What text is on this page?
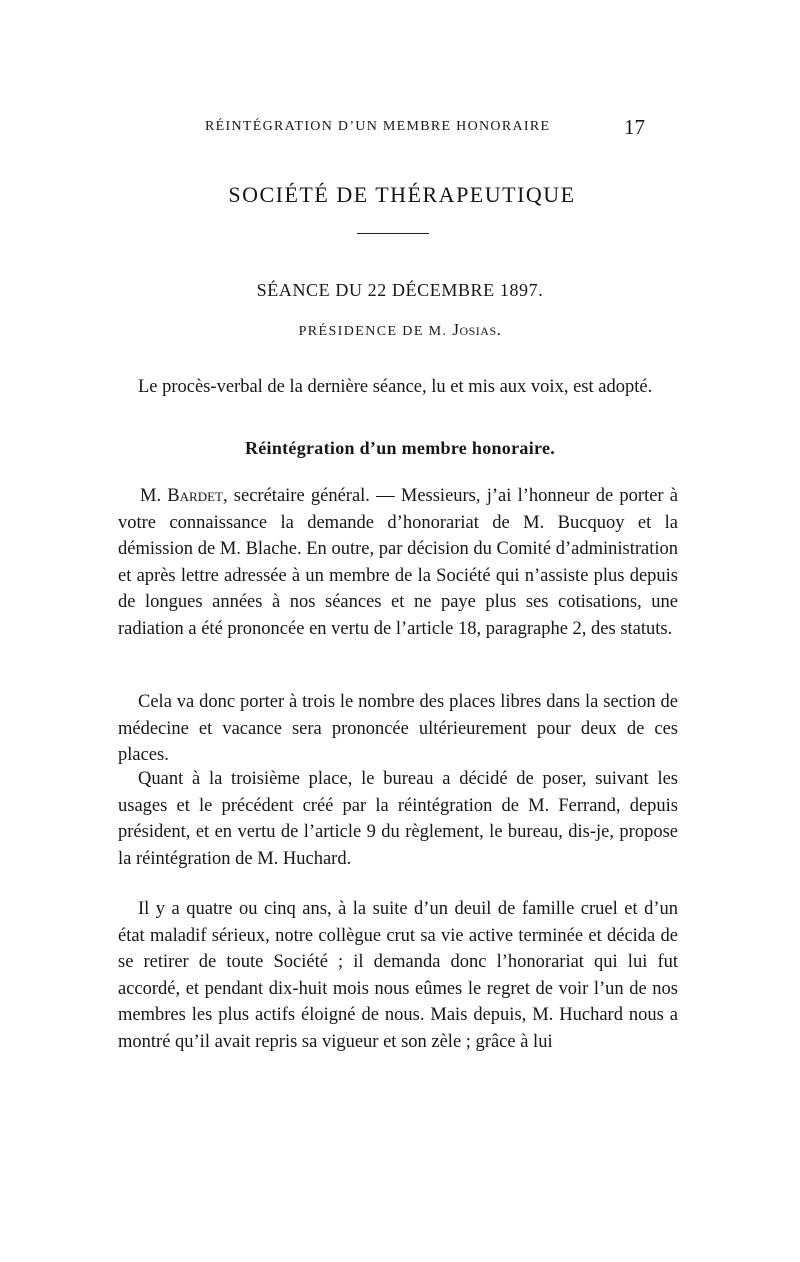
RÉINTÉGRATION D’UN MEMBRE HONORAIRE	17
SOCIÉTÉ DE THÉRAPEUTIQUE
SÉANCE DU 22 DÉCEMBRE 1897.
PRÉSIDENCE DE M. Josias.
Le procès-verbal de la dernière séance, lu et mis aux voix, est adopté.
Réintégration d’un membre honoraire.
M. Bardet, secrétaire général. — Messieurs, j’ai l’honneur de porter à votre connaissance la demande d’honorariat de M. Bucquoy et la démission de M. Blache. En outre, par décision du Comité d’administration et après lettre adressée à un membre de la Société qui n’assiste plus depuis de longues années à nos séances et ne paye plus ses cotisations, une radiation a été prononcée en vertu de l’article 18, paragraphe 2, des statuts.
Cela va donc porter à trois le nombre des places libres dans la section de médecine et vacance sera prononcée ultérieurement pour deux de ces places.
Quant à la troisième place, le bureau a décidé de poser, suivant les usages et le précédent créé par la réintégration de M. Ferrand, depuis président, et en vertu de l’article 9 du règlement, le bureau, dis-je, propose la réintégration de M. Huchard.
Il y a quatre ou cinq ans, à la suite d’un deuil de famille cruel et d’un état maladif sérieux, notre collègue crut sa vie active terminée et décida de se retirer de toute Société ; il demanda donc l’honorariat qui lui fut accordé, et pendant dix-huit mois nous eûmes le regret de voir l’un de nos membres les plus actifs éloigné de nous. Mais depuis, M. Huchard nous a montré qu’il avait repris sa vigueur et son zèle ; grâce à lui
